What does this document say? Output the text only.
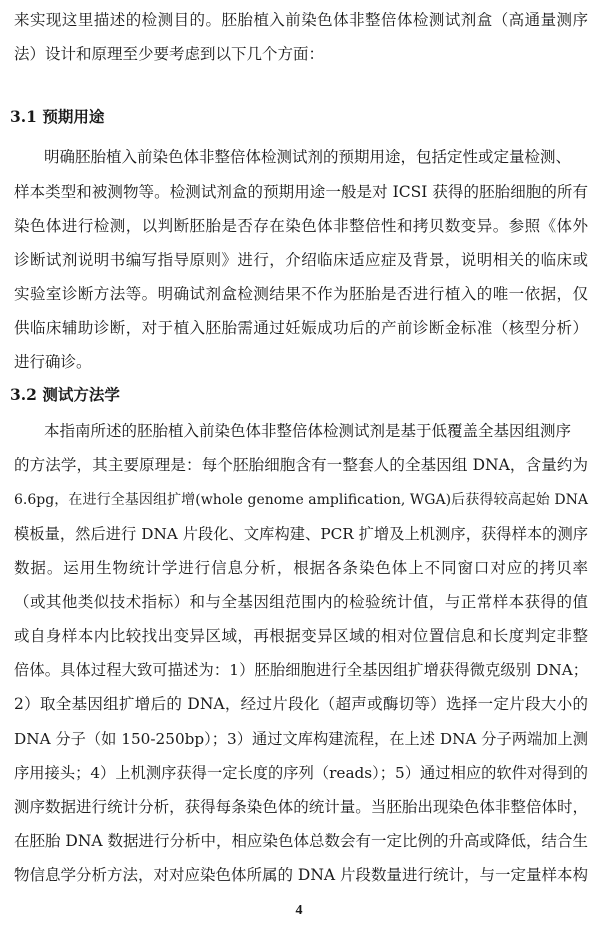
来实现这里描述的检测目的。胚胎植入前染色体非整倍体检测试剂盒（高通量测序
法）设计和原理至少要考虑到以下几个方面：
3.1 预期用途
明确胚胎植入前染色体非整倍体检测试剂的预期用途，包括定性或定量检测、
样本类型和被测物等。检测试剂盒的预期用途一般是对 ICSI 获得的胚胎细胞的所有
染色体进行检测，以判断胚胎是否存在染色体非整倍性和拷贝数变异。参照《体外
诊断试剂说明书编写指导原则》进行，介绍临床适应症及背景，说明相关的临床或
实验室诊断方法等。明确试剂盒检测结果不作为胚胎是否进行植入的唯一依据，仅
供临床辅助诊断，对于植入胚胎需通过妊娠成功后的产前诊断金标准（核型分析）
进行确诊。
3.2 测试方法学
本指南所述的胚胎植入前染色体非整倍体检测试剂是基于低覆盖全基因组测序
的方法学，其主要原理是：每个胚胎细胞含有一整套人的全基因组 DNA，含量约为
6.6pg，在进行全基因组扩增(whole genome amplification, WGA)后获得较高起始 DNA
模板量，然后进行 DNA 片段化、文库构建、PCR 扩增及上机测序，获得样本的测序
数据。运用生物统计学进行信息分析，根据各条染色体上不同窗口对应的拷贝率
（或其他类似技术指标）和与全基因组范围内的检验统计值，与正常样本获得的值
或自身样本内比较找出变异区域，再根据变异区域的相对位置信息和长度判定非整
倍体。具体过程大致可描述为：1）胚胎细胞进行全基因组扩增获得微克级别 DNA；
2）取全基因组扩增后的 DNA，经过片段化（超声或酶切等）选择一定片段大小的
DNA 分子（如 150-250bp）；3）通过文库构建流程，在上述 DNA 分子两端加上测
序用接头；4）上机测序获得一定长度的序列（reads）；5）通过相应的软件对得到的
测序数据进行统计分析，获得每条染色体的统计量。当胚胎出现染色体非整倍体时，
在胚胎 DNA 数据进行分析中，相应染色体总数会有一定比例的升高或降低，结合生
物信息学分析方法，对对应染色体所属的 DNA 片段数量进行统计，与一定量样本构
4
